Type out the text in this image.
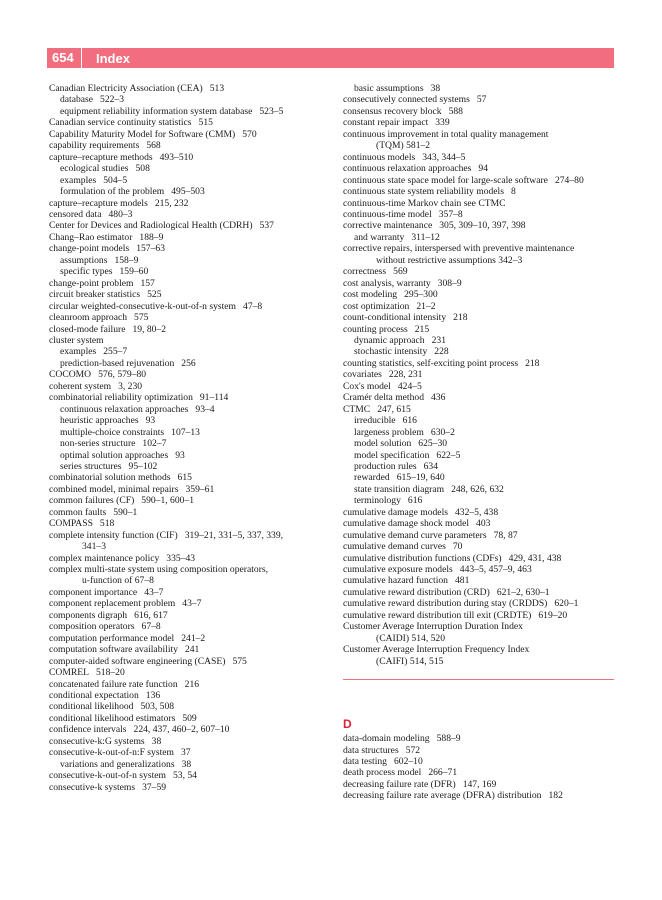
654	Index
Canadian Electricity Association (CEA) 513
database 522–3
equipment reliability information system database 523–5
Canadian service continuity statistics 515
Capability Maturity Model for Software (CMM) 570
capability requirements 568
capture–recapture methods 493–510
ecological studies 508
examples 504–5
formulation of the problem 495–503
capture–recapture models 215, 232
censored data 480–3
Center for Devices and Radiological Health (CDRH) 537
Chang–Rao estimator 188–9
change-point models 157–63
assumptions 158–9
specific types 159–60
change-point problem 157
circuit breaker statistics 525
circular weighted-consecutive-k-out-of-n system 47–8
cleanroom approach 575
closed-mode failure 19, 80–2
cluster system
examples 255–7
prediction-based rejuvenation 256
COCOMO 576, 579–80
coherent system 3, 230
combinatorial reliability optimization 91–114
continuous relaxation approaches 93–4
heuristic approaches 93
multiple-choice constraints 107–13
non-series structure 102–7
optimal solution approaches 93
series structures 95–102
combinatorial solution methods 615
combined model, minimal repairs 359–61
common failures (CF) 590–1, 600–1
common faults 590–1
COMPASS 518
complete intensity function (CIF) 319–21, 331–5, 337, 339,
341–3
complex maintenance policy 335–43
complex multi-state system using composition operators,
u-function of 67–8
component importance 43–7
component replacement problem 43–7
components digraph 616, 617
composition operators 67–8
computation performance model 241–2
computation software availability 241
computer-aided software engineering (CASE) 575
COMREL 518–20
concatenated failure rate function 216
conditional expectation 136
conditional likelihood 503, 508
conditional likelihood estimators 509
confidence intervals 224, 437, 460–2, 607–10
consecutive-k:G systems 38
consecutive-k-out-of-n:F system 37
variations and generalizations 38
consecutive-k-out-of-n system 53, 54
consecutive-k systems 37–59
basic assumptions 38
consecutively connected systems 57
consensus recovery block 588
constant repair impact 339
continuous improvement in total quality management
(TQM) 581–2
continuous models 343, 344–5
continuous relaxation approaches 94
continuous state space model for large-scale software 274–80
continuous state system reliability models 8
continuous-time Markov chain see CTMC
continuous-time model 357–8
corrective maintenance 305, 309–10, 397, 398
and warranty 311–12
corrective repairs, interspersed with preventive maintenance
without restrictive assumptions 342–3
correctness 569
cost analysis, warranty 308–9
cost modeling 295–300
cost optimization 21–2
count-conditional intensity 218
counting process 215
dynamic approach 231
stochastic intensity 228
counting statistics, self-exciting point process 218
covariates 228, 231
Cox's model 424–5
Cramér delta method 436
CTMC 247, 615
irreducible 616
largeness problem 630–2
model solution 625–30
model specification 622–5
production rules 634
rewarded 615–19, 640
state transition diagram 248, 626, 632
terminology 616
cumulative damage models 432–5, 438
cumulative damage shock model 403
cumulative demand curve parameters 78, 87
cumulative demand curves 70
cumulative distribution functions (CDFs) 429, 431, 438
cumulative exposure models 443–5, 457–9, 463
cumulative hazard function 481
cumulative reward distribution (CRD) 621–2, 630–1
cumulative reward distribution during stay (CRDDS) 620–1
cumulative reward distribution till exit (CRDTE) 619–20
Customer Average Interruption Duration Index
(CAIDI) 514, 520
Customer Average Interruption Frequency Index
(CAIFI) 514, 515
D
data-domain modeling 588–9
data structures 572
data testing 602–10
death process model 266–71
decreasing failure rate (DFR) 147, 169
decreasing failure rate average (DFRA) distribution 182
